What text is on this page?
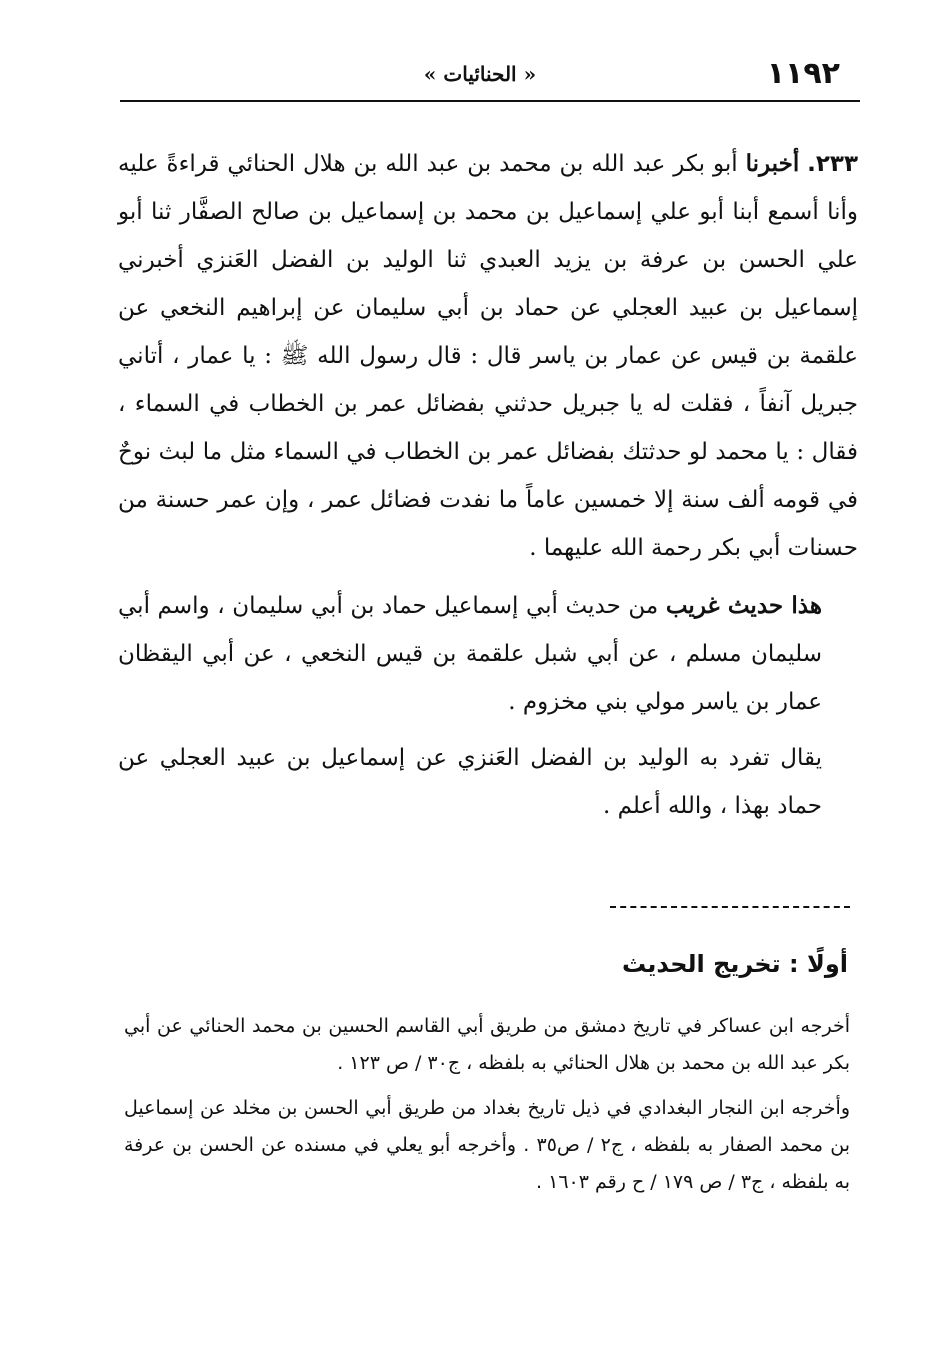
« الحنائيات »	١١٩٢

٢٣٣. أخبرنا أبو بكر عبد الله بن محمد بن عبد الله بن هلال الحنائي قراءةً عليه وأنا أسمع أبنا أبو علي إسماعيل بن محمد بن إسماعيل بن صالح الصفَّار ثنا أبو علي الحسن بن عرفة بن يزيد العبدي ثنا الوليد بن الفضل العَنزي أخبرني إسماعيل بن عبيد العجلي عن حماد بن أبي سليمان عن إبراهيم النخعي عن علقمة بن قيس عن عمار بن ياسر قال : قال رسول الله ﷺ : يا عمار ، أتاني جبريل آنفاً ، فقلت له يا جبريل حدثني بفضائل عمر بن الخطاب في السماء ، فقال : يا محمد لو حدثتك بفضائل عمر بن الخطاب في السماء مثل ما لبث نوحٌ في قومه ألف سنة إلا خمسين عاماً ما نفدت فضائل عمر ، وإن عمر حسنة من حسنات أبي بكر رحمة الله عليهما .

هذا حديث غريب من حديث أبي إسماعيل حماد بن أبي سليمان ، واسم أبي سليمان مسلم ، عن أبي شبل علقمة بن قيس النخعي ، عن أبي اليقظان عمار بن ياسر مولي بني مخزوم .

يقال تفرد به الوليد بن الفضل العَنزي عن إسماعيل بن عبيد العجلي عن حماد بهذا ، والله أعلم .

أولًا : تخريج الحديث

أخرجه ابن عساكر في تاريخ دمشق من طريق أبي القاسم الحسين بن محمد الحنائي عن أبي بكر عبد الله بن محمد بن هلال الحنائي به بلفظه ، ج٣٠ / ص ١٢٣ .

وأخرجه ابن النجار البغدادي في ذيل تاريخ بغداد من طريق أبي الحسن بن مخلد عن إسماعيل بن محمد الصفار به بلفظه ، ج٢ / ص٣٥ . وأخرجه أبو يعلي في مسنده عن الحسن بن عرفة به بلفظه ، ج٣ / ص ١٧٩ / ح رقم ١٦٠٣ .
